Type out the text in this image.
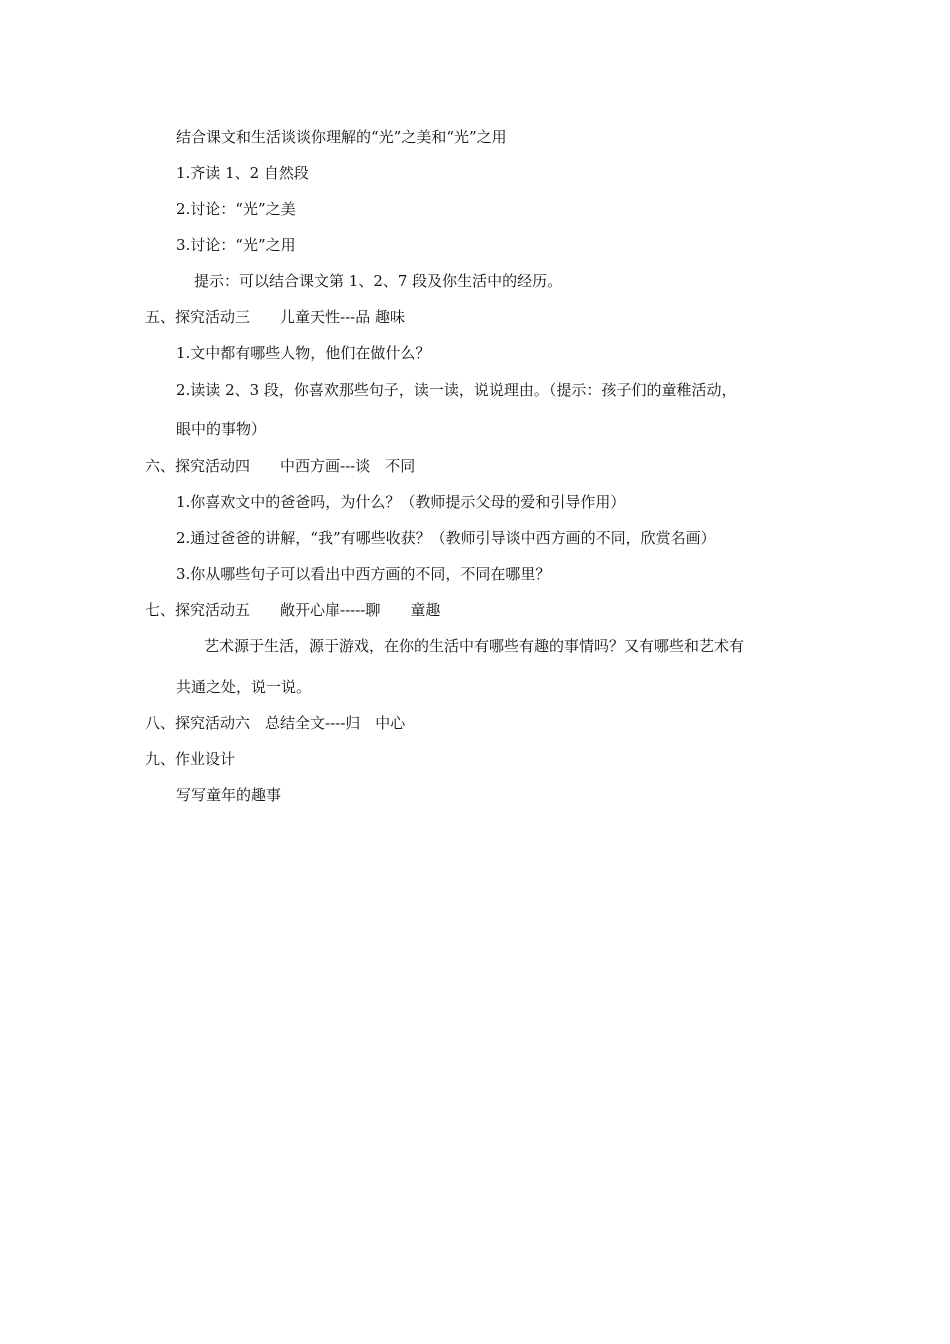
结合课文和生活谈谈你理解的“光”之美和“光”之用
1.齐读 1、2 自然段
2.讨论：“光”之美
3.讨论：“光”之用
提示：可以结合课文第 1、2、7 段及你生活中的经历。
五、探究活动三　　儿童天性---品 趣味
1.文中都有哪些人物，他们在做什么？
2.读读 2、3 段，你喜欢那些句子，读一读，说说理由。（提示：孩子们的童稚活动，
眼中的事物）
六、探究活动四　　中西方画---谈　不同
1.你喜欢文中的爸爸吗，为什么？（教师提示父母的爱和引导作用）
2.通过爸爸的讲解，“我”有哪些收获？（教师引导谈中西方画的不同，欣赏名画）
3.你从哪些句子可以看出中西方画的不同，不同在哪里？
七、探究活动五　　敞开心扉-----聊　　童趣
艺术源于生活，源于游戏，在你的生活中有哪些有趣的事情吗？又有哪些和艺术有
共通之处，说一说。
八、探究活动六　总结全文----归　中心
九、作业设计
写写童年的趣事
